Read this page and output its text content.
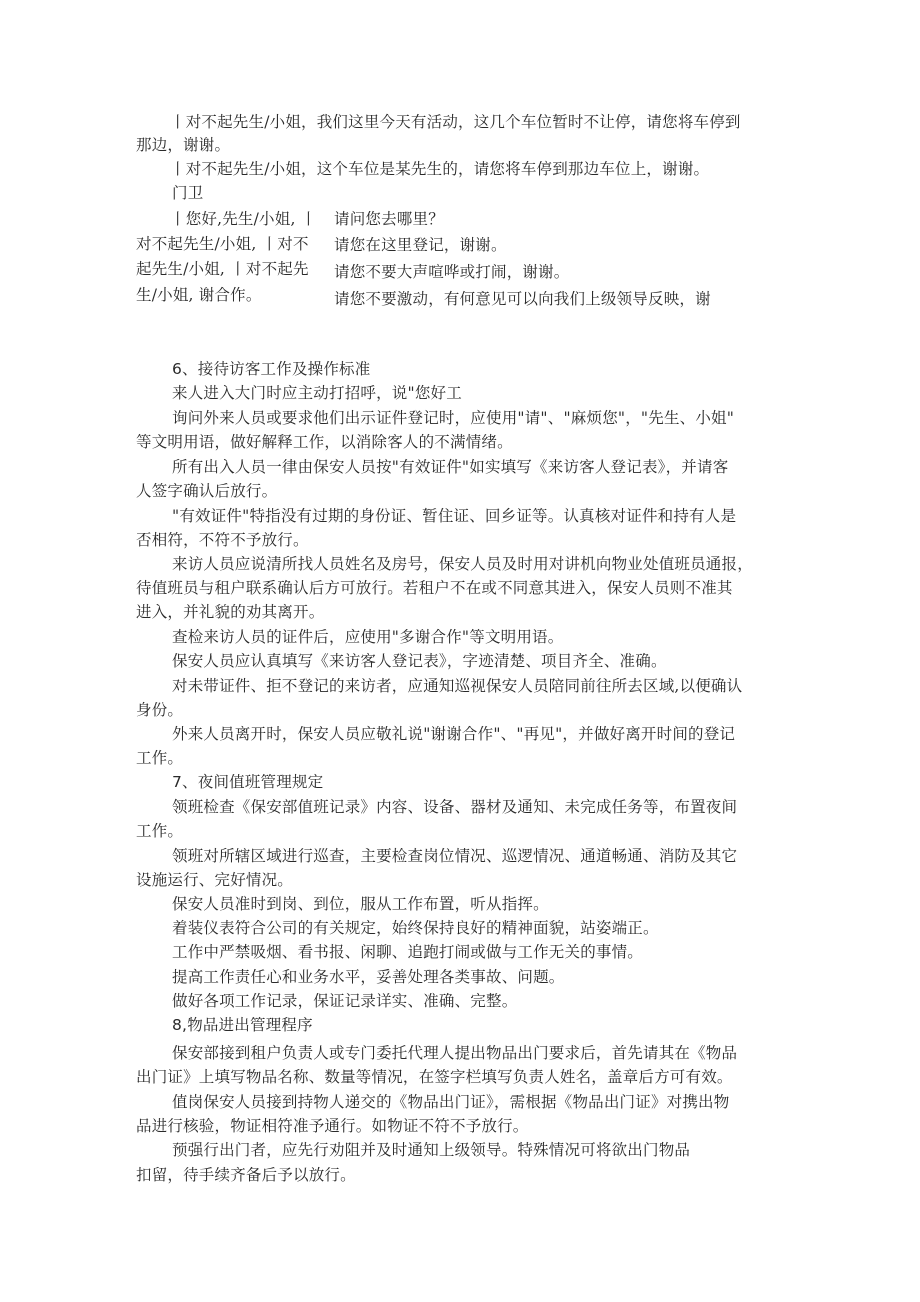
丨对不起先生/小姐，我们这里今天有活动，这几个车位暂时不让停，请您将车停到
那边，谢谢。
丨对不起先生/小姐，这个车位是某先生的，请您将车停到那边车位上，谢谢。
门卫
丨您好,先生/小姐, 丨
对不起先生/小姐, 丨对不
起先生/小姐, 丨对不起先
生/小姐, 谢合作。
请问您去哪里？
请您在这里登记，谢谢。
请您不要大声喧哗或打闹，谢谢。
请您不要激动，有何意见可以向我们上级领导反映，谢
6、接待访客工作及操作标准
来人进入大门时应主动打招呼，说"您好工
询问外来人员或要求他们出示证件登记时，应使用"请"、"麻烦您"，"先生、小姐"
等文明用语，做好解释工作，以消除客人的不满情绪。
所有出入人员一律由保安人员按"有效证件"如实填写《来访客人登记表》，并请客
人签字确认后放行。
"有效证件"特指没有过期的身份证、暂住证、回乡证等。认真核对证件和持有人是
否相符，不符不予放行。
来访人员应说清所找人员姓名及房号，保安人员及时用对讲机向物业处值班员通报，
待值班员与租户联系确认后方可放行。若租户不在或不同意其进入，保安人员则不准其
进入，并礼貌的劝其离开。
查检来访人员的证件后，应使用"多谢合作"等文明用语。
保安人员应认真填写《来访客人登记表》，字迹清楚、项目齐全、准确。
对未带证件、拒不登记的来访者，应通知巡视保安人员陪同前往所去区域,以便确认
身份。
外来人员离开时，保安人员应敬礼说"谢谢合作"、"再见"，并做好离开时间的登记
工作。
7、夜间值班管理规定
领班检查《保安部值班记录》内容、设备、器材及通知、未完成任务等，布置夜间
工作。
领班对所辖区域进行巡查，主要检查岗位情况、巡逻情况、通道畅通、消防及其它
设施运行、完好情况。
保安人员准时到岗、到位，服从工作布置，听从指挥。
着装仪表符合公司的有关规定，始终保持良好的精神面貌，站姿端正。
工作中严禁吸烟、看书报、闲聊、追跑打闹或做与工作无关的事情。
提高工作责任心和业务水平，妥善处理各类事故、问题。
做好各项工作记录，保证记录详实、准确、完整。
8,物品进出管理程序
保安部接到租户负责人或专门委托代理人提出物品出门要求后，首先请其在《物品
出门证》上填写物品名称、数量等情况，在签字栏填写负责人姓名，盖章后方可有效。
值岗保安人员接到持物人递交的《物品出门证》，需根据《物品出门证》对携出物
品进行核验，物证相符准予通行。如物证不符不予放行。
预强行出门者，应先行劝阻并及时通知上级领导。特殊情况可将欲出门物品
扣留，待手续齐备后予以放行。
